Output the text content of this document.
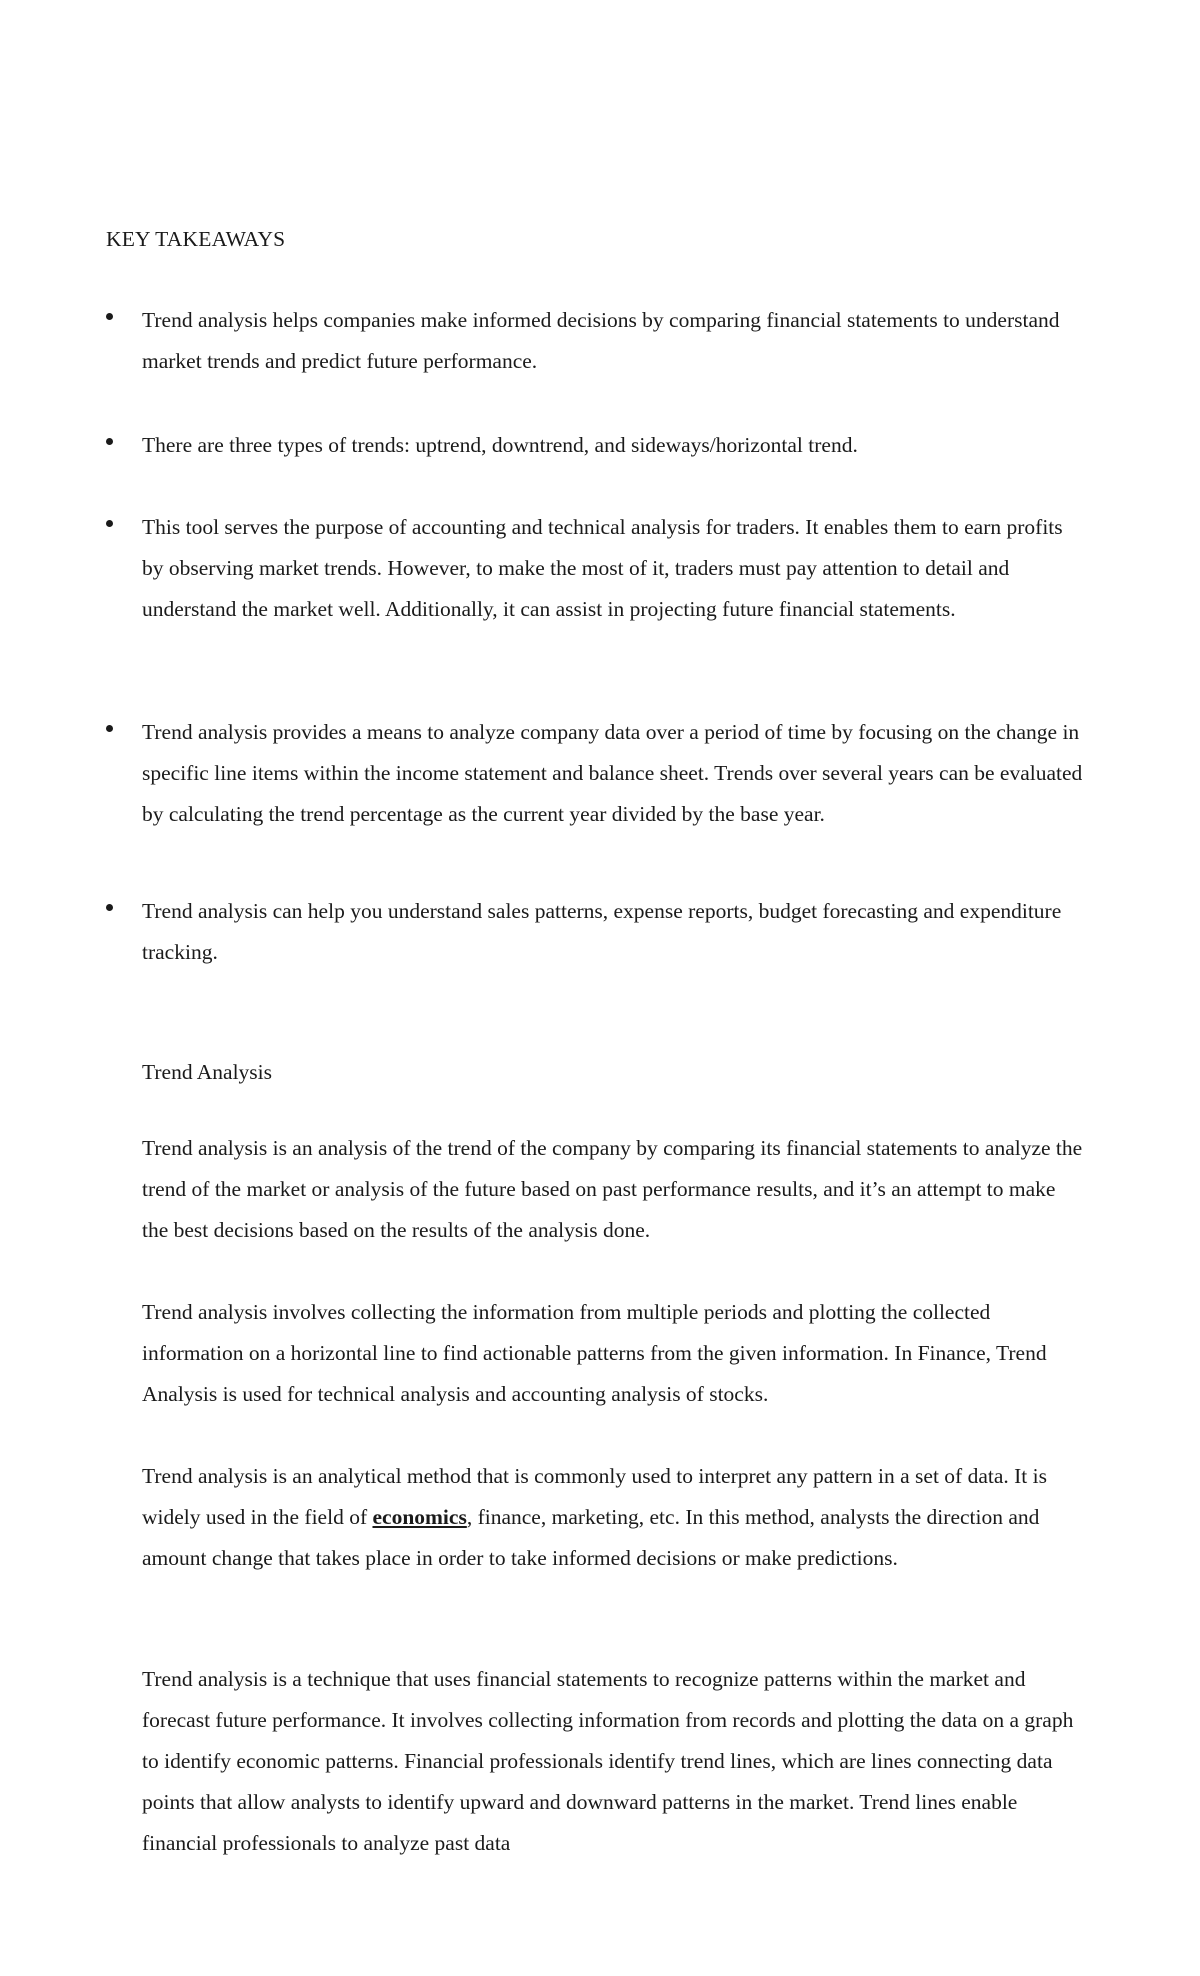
KEY TAKEAWAYS

Trend analysis helps companies make informed decisions by comparing financial statements to understand market trends and predict future performance.

There are three types of trends: uptrend, downtrend, and sideways/horizontal trend.

This tool serves the purpose of accounting and technical analysis for traders. It enables them to earn profits by observing market trends. However, to make the most of it, traders must pay attention to detail and understand the market well. Additionally, it can assist in projecting future financial statements.

Trend analysis provides a means to analyze company data over a period of time by focusing on the change in specific line items within the income statement and balance sheet. Trends over several years can be evaluated by calculating the trend percentage as the current year divided by the base year.

Trend analysis can help you understand sales patterns, expense reports, budget forecasting and expenditure tracking.

Trend Analysis

Trend analysis is an analysis of the trend of the company by comparing its financial statements to analyze the trend of the market or analysis of the future based on past performance results, and it’s an attempt to make the best decisions based on the results of the analysis done.

Trend analysis involves collecting the information from multiple periods and plotting the collected information on a horizontal line to find actionable patterns from the given information. In Finance, Trend Analysis is used for technical analysis and accounting analysis of stocks.

Trend analysis is an analytical method that is commonly used to interpret any pattern in a set of data. It is widely used in the field of economics, finance, marketing, etc. In this method, analysts the direction and amount change that takes place in order to take informed decisions or make predictions.

Trend analysis is a technique that uses financial statements to recognize patterns within the market and forecast future performance. It involves collecting information from records and plotting the data on a graph to identify economic patterns. Financial professionals identify trend lines, which are lines connecting data points that allow analysts to identify upward and downward patterns in the market. Trend lines enable financial professionals to analyze past data
